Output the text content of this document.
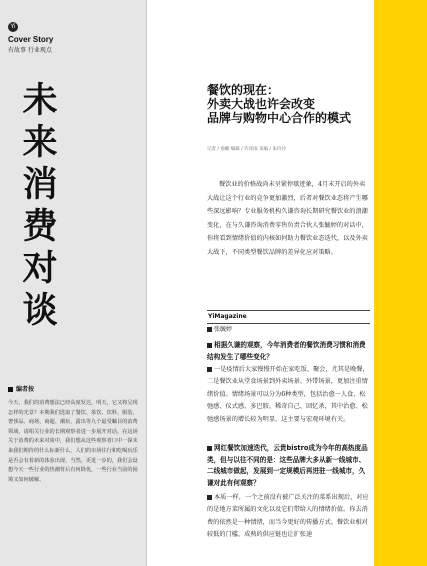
Yi
Cover Story
有故事 行业观点
未
来
消
费
对
谈
编者按
今天，我们的消费想法已经高度发达，明天，它又将呈现怎样的光景？本期我们选取了餐饮、茶饮、饮料、服装、奢侈品、商场、商超、潮玩、露出等九个最受瞩目的消费领域，请相关行业的长期观察者进一步展开对话，在这场关于消费的未来对谈中，我们想从这些观察者口中一探未来我们期待的什么标新什么，人们的市场往行和吃喝玩乐是否会有着新的体验出现，当然，更进一步的，我们会设想今天一些行业的热潮背后有何降优，一些行业当前的困境又如何破解。
餐饮的现在：
外卖大战也许会改变
品牌与购物中心合作的模式
记者 / 俞頔 编辑 / 许译雨 采编 / 朱玲玲
餐饮业的价格战尚未呈紧停歇迹象，4月末开启的外卖大战让这个行业的竞争更加激烈，后者对餐饮业态将产生哪些深远影响？专业服务机构久谦咨询长期研究餐饮业的浪潮变化，在与久谦咨询消费零售负责合伙人张毓婷的对话中，你将看到情绪价值的内核如何助力餐饮业态迭代，以及外卖大战下，不同类型餐饮品牌的差异化应对策略。
YiMagazine
张毓婷
相据久谦的观察，今年消费者的餐饮消费习惯和消费结构发生了哪些变化？
一是疫情后大家慢慢开始在家吃饭、聚会，尤其是晚餐，二是餐饮业从堂食场景到外卖场景、外带场景，更加注重情绪价值。情绪场景可以分为6种类型，包括治愈一人食、松弛感、仪式感、多巴胺、稀奇自己、回忆杀，其中治愈、松弛感场景的增长较为明显，这主要与宏观环境有关。
网红餐饮加速迭代，云贵bistro成为今年的高热度品类，但与以往不同的是：这些品牌大多从新一线城市、二线城市做起，发展到一定规模后再进驻一线城市，久谦对此有何观察？
本质一样，一个之前没有被广泛关注的菜系出现后，对应的是地方菜所属的文化以及它们带给人的情绪价值。你去消费的依然是一种情绪，而当今更好的传播方式、餐饮业相对较低的门槛、成熟的供应链也让扩张速
